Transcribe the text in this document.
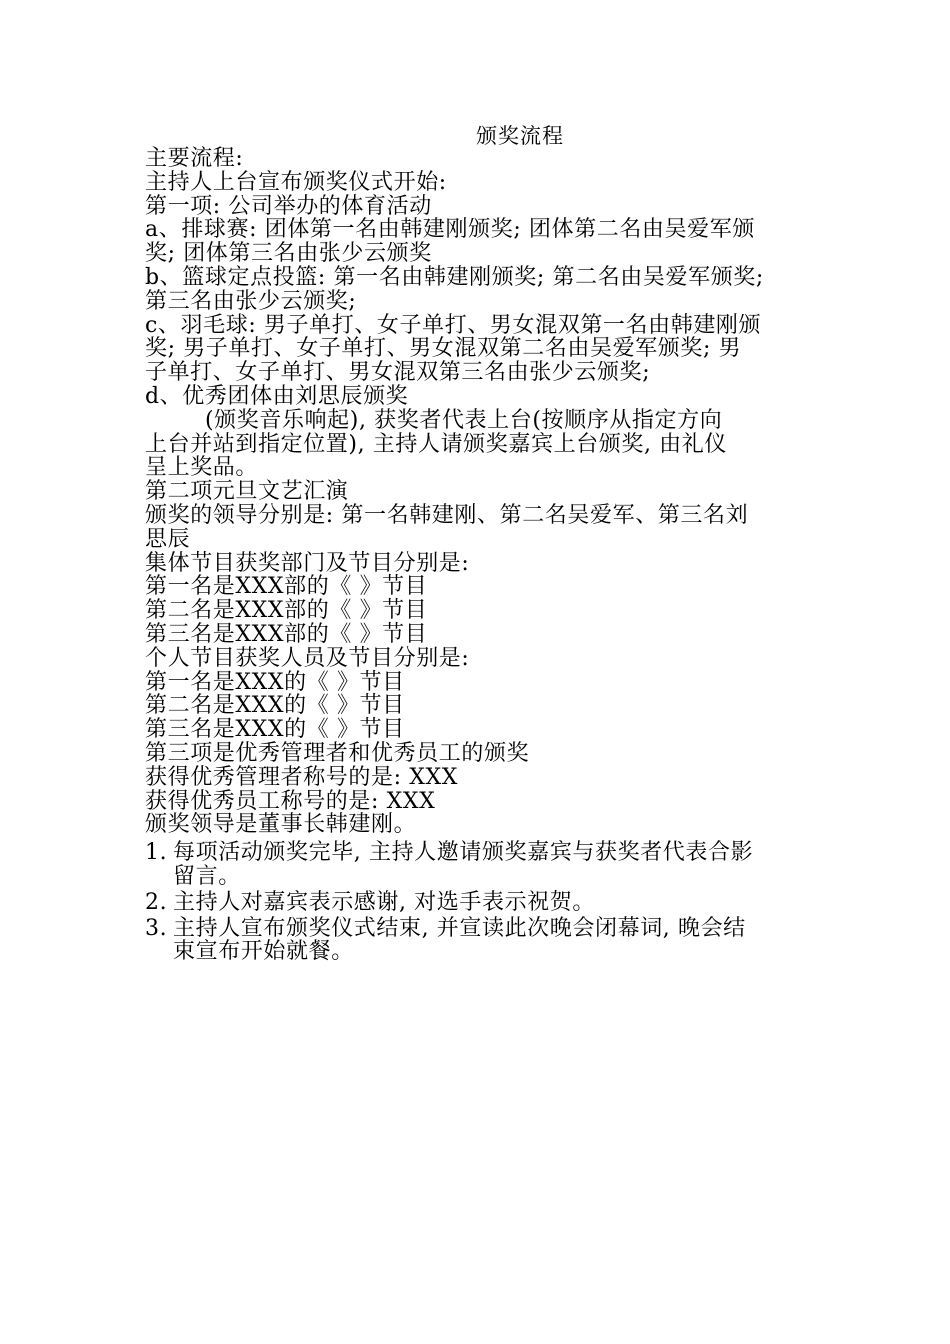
颁奖流程
主要流程:
主持人上台宣布颁奖仪式开始:
第一项: 公司举办的体育活动
a、排球赛: 团体第一名由韩建刚颁奖; 团体第二名由吴爱军颁
奖; 团体第三名由张少云颁奖
b、篮球定点投篮: 第一名由韩建刚颁奖; 第二名由吴爱军颁奖;
第三名由张少云颁奖;
c、羽毛球: 男子单打、女子单打、男女混双第一名由韩建刚颁
奖; 男子单打、女子单打、男女混双第二名由吴爱军颁奖; 男
子单打、女子单打、男女混双第三名由张少云颁奖;
d、优秀团体由刘思辰颁奖
(颁奖音乐响起), 获奖者代表上台(按顺序从指定方向
上台并站到指定位置), 主持人请颁奖嘉宾上台颁奖, 由礼仪
呈上奖品。
第二项元旦文艺汇演
颁奖的领导分别是: 第一名韩建刚、第二名吴爱军、第三名刘
思辰
集体节目获奖部门及节目分别是:
第一名是XXX部的《 》节目
第二名是XXX部的《 》节目
第三名是XXX部的《 》节目
个人节目获奖人员及节目分别是:
第一名是XXX的《 》节目
第二名是XXX的《 》节目
第三名是XXX的《 》节目
第三项是优秀管理者和优秀员工的颁奖
获得优秀管理者称号的是: XXX
获得优秀员工称号的是: XXX
颁奖领导是董事长韩建刚。
1. 每项活动颁奖完毕, 主持人邀请颁奖嘉宾与获奖者代表合影
留言。
2. 主持人对嘉宾表示感谢, 对选手表示祝贺。
3. 主持人宣布颁奖仪式结束, 并宣读此次晚会闭幕词, 晚会结
束宣布开始就餐。
